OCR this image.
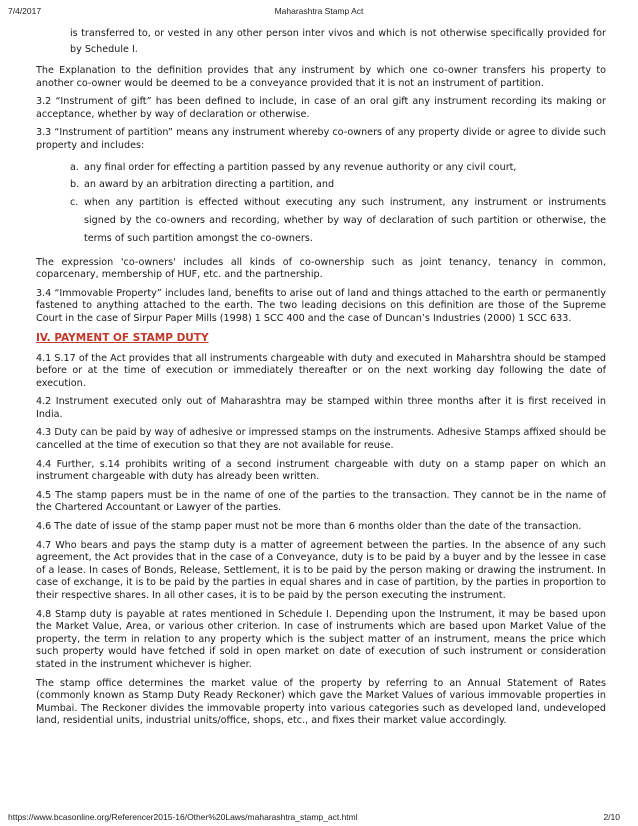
7/4/2017	Maharashtra Stamp Act

is transferred to, or vested in any other person inter vivos and which is not otherwise specifically provided for by Schedule I.

The Explanation to the definition provides that any instrument by which one co-owner transfers his property to another co-owner would be deemed to be a conveyance provided that it is not an instrument of partition.

3.2 “Instrument of gift” has been defined to include, in case of an oral gift any instrument recording its making or acceptance, whether by way of declaration or otherwise.

3.3 “Instrument of partition” means any instrument whereby co-owners of any property divide or agree to divide such property and includes:

a. any final order for effecting a partition passed by any revenue authority or any civil court,
b. an award by an arbitration directing a partition, and
c. when any partition is effected without executing any such instrument, any instrument or instruments signed by the co-owners and recording, whether by way of declaration of such partition or otherwise, the terms of such partition amongst the co-owners.

The expression 'co-owners' includes all kinds of co-ownership such as joint tenancy, tenancy in common, coparcenary, membership of HUF, etc. and the partnership.

3.4 “Immovable Property” includes land, benefits to arise out of land and things attached to the earth or permanently fastened to anything attached to the earth. The two leading decisions on this definition are those of the Supreme Court in the case of Sirpur Paper Mills (1998) 1 SCC 400 and the case of Duncan’s Industries (2000) 1 SCC 633.

IV. PAYMENT OF STAMP DUTY

4.1 S.17 of the Act provides that all instruments chargeable with duty and executed in Maharshtra should be stamped before or at the time of execution or immediately thereafter or on the next working day following the date of execution.

4.2 Instrument executed only out of Maharashtra may be stamped within three months after it is first received in India.

4.3 Duty can be paid by way of adhesive or impressed stamps on the instruments. Adhesive Stamps affixed should be cancelled at the time of execution so that they are not available for reuse.

4.4 Further, s.14 prohibits writing of a second instrument chargeable with duty on a stamp paper on which an instrument chargeable with duty has already been written.

4.5 The stamp papers must be in the name of one of the parties to the transaction. They cannot be in the name of the Chartered Accountant or Lawyer of the parties.

4.6 The date of issue of the stamp paper must not be more than 6 months older than the date of the transaction.

4.7 Who bears and pays the stamp duty is a matter of agreement between the parties. In the absence of any such agreement, the Act provides that in the case of a Conveyance, duty is to be paid by a buyer and by the lessee in case of a lease. In cases of Bonds, Release, Settlement, it is to be paid by the person making or drawing the instrument. In case of exchange, it is to be paid by the parties in equal shares and in case of partition, by the parties in proportion to their respective shares. In all other cases, it is to be paid by the person executing the instrument.

4.8 Stamp duty is payable at rates mentioned in Schedule I. Depending upon the Instrument, it may be based upon the Market Value, Area, or various other criterion. In case of instruments which are based upon Market Value of the property, the term in relation to any property which is the subject matter of an instrument, means the price which such property would have fetched if sold in open market on date of execution of such instrument or consideration stated in the instrument whichever is higher.

The stamp office determines the market value of the property by referring to an Annual Statement of Rates (commonly known as Stamp Duty Ready Reckoner) which gave the Market Values of various immovable properties in Mumbai. The Reckoner divides the immovable property into various categories such as developed land, undeveloped land, residential units, industrial units/office, shops, etc., and fixes their market value accordingly.

https://www.bcasonline.org/Referencer2015-16/Other%20Laws/maharashtra_stamp_act.html	2/10
